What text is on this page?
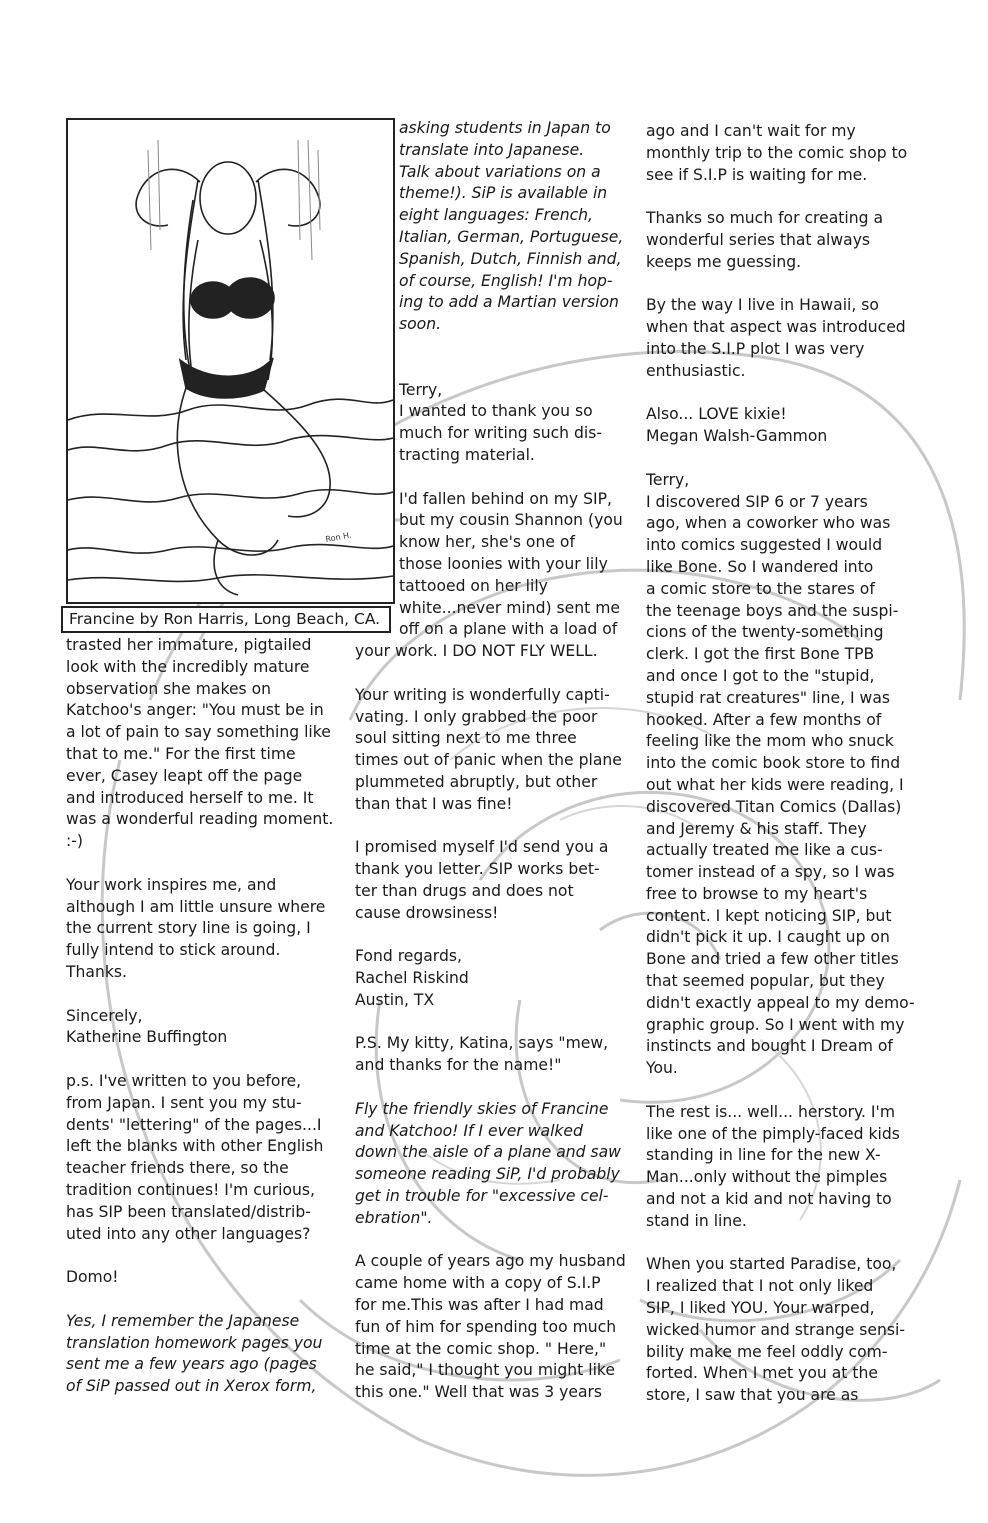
Ron H.
Francine by Ron Harris, Long Beach, CA.

trasted her immature, pigtailed
look with the incredibly mature
observation she makes on
Katchoo's anger: "You must be in
a lot of pain to say something like
that to me." For the first time
ever, Casey leapt off the page
and introduced herself to me. It
was a wonderful reading moment.
:-)

Your work inspires me, and
although I am little unsure where
the current story line is going, I
fully intend to stick around.
Thanks.

Sincerely,
Katherine Buffington

p.s. I've written to you before,
from Japan. I sent you my stu-
dents' "lettering" of the pages...I
left the blanks with other English
teacher friends there, so the
tradition continues! I'm curious,
has SIP been translated/distrib-
uted into any other languages?

Domo!

Yes, I remember the Japanese
translation homework pages you
sent me a few years ago (pages
of SiP passed out in Xerox form,

asking students in Japan to
translate into Japanese.
Talk about variations on a
theme!). SiP is available in
eight languages: French,
Italian, German, Portuguese,
Spanish, Dutch, Finnish and,
of course, English! I'm hop-
ing to add a Martian version
soon.

Terry,
I wanted to thank you so
much for writing such dis-
tracting material.

I'd fallen behind on my SIP,
but my cousin Shannon (you
know her, she's one of
those loonies with your lily
tattooed on her lily
white...never mind) sent me
off on a plane with a load of

your work. I DO NOT FLY WELL.

Your writing is wonderfully capti-
vating. I only grabbed the poor
soul sitting next to me three
times out of panic when the plane
plummeted abruptly, but other
than that I was fine!

I promised myself I'd send you a
thank you letter. SIP works bet-
ter than drugs and does not
cause drowsiness!

Fond regards,
Rachel Riskind
Austin, TX

P.S. My kitty, Katina, says "mew,
and thanks for the name!"

Fly the friendly skies of Francine
and Katchoo! If I ever walked
down the aisle of a plane and saw
someone reading SiP, I'd probably
get in trouble for "excessive cel-
ebration".

A couple of years ago my husband
came home with a copy of S.I.P
for me.This was after I had mad
fun of him for spending too much
time at the comic shop. " Here,"
he said," I thought you might like
this one." Well that was 3 years

ago and I can't wait for my
monthly trip to the comic shop to
see if S.I.P is waiting for me.

Thanks so much for creating a
wonderful series that always
keeps me guessing.

By the way I live in Hawaii, so
when that aspect was introduced
into the S.I.P plot I was very
enthusiastic.

Also... LOVE kixie!
Megan Walsh-Gammon

Terry,
I discovered SIP 6 or 7 years
ago, when a coworker who was
into comics suggested I would
like Bone. So I wandered into
a comic store to the stares of
the teenage boys and the suspi-
cions of the twenty-something
clerk. I got the first Bone TPB
and once I got to the "stupid,
stupid rat creatures" line, I was
hooked. After a few months of
feeling like the mom who snuck
into the comic book store to find
out what her kids were reading, I
discovered Titan Comics (Dallas)
and Jeremy & his staff. They
actually treated me like a cus-
tomer instead of a spy, so I was
free to browse to my heart's
content. I kept noticing SIP, but
didn't pick it up. I caught up on
Bone and tried a few other titles
that seemed popular, but they
didn't exactly appeal to my demo-
graphic group. So I went with my
instincts and bought I Dream of
You.

The rest is... well... herstory. I'm
like one of the pimply-faced kids
standing in line for the new X-
Man...only without the pimples
and not a kid and not having to
stand in line.

When you started Paradise, too,
I realized that I not only liked
SIP, I liked YOU. Your warped,
wicked humor and strange sensi-
bility make me feel oddly com-
forted. When I met you at the
store, I saw that you are as
